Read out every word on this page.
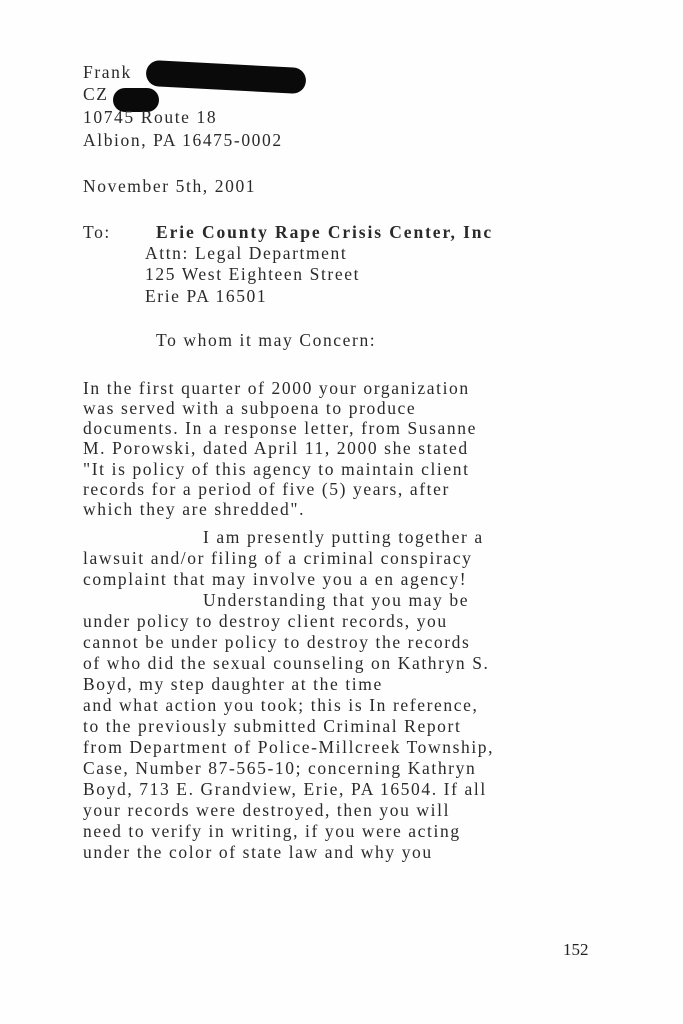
Frank
CZ
10745 Route 18
Albion, PA 16475-0002
November 5th, 2001
To:	Erie County Rape Crisis Center, Inc
Attn: Legal Department
125 West Eighteen Street
Erie PA 16501
To whom it may Concern:
In the first quarter of 2000 your organization
was served with a subpoena to produce
documents. In a response letter, from Susanne
M. Porowski, dated April 11, 2000 she stated
"It is policy of this agency to maintain client
records for a period of five (5) years, after
which they are shredded".
I am presently putting together a
lawsuit and/or filing of a criminal conspiracy
complaint that may involve you a en agency!
Understanding that you may be
under policy to destroy client records, you
cannot be under policy to destroy the records
of who did the sexual counseling on Kathryn S.
Boyd, my step daughter at the time
and what action you took; this is In reference,
to the previously submitted Criminal Report
from Department of Police-Millcreek Township,
Case, Number 87-565-10; concerning Kathryn
Boyd, 713 E. Grandview, Erie, PA 16504. If all
your records were destroyed, then you will
need to verify in writing, if you were acting
under the color of state law and why you
152
